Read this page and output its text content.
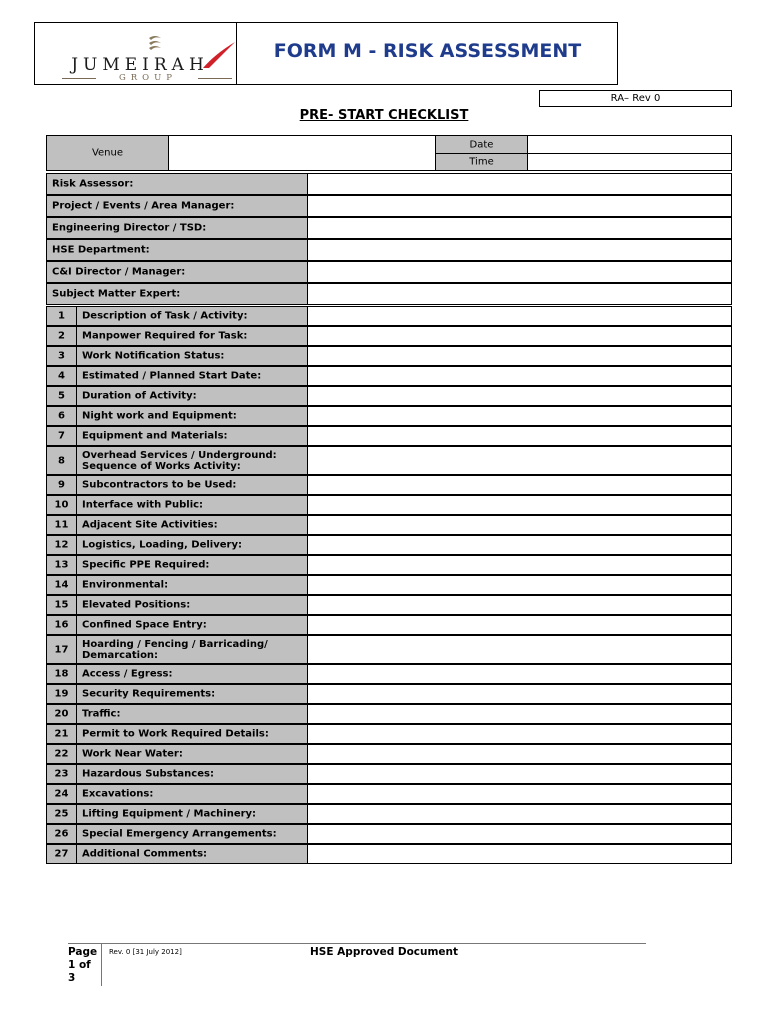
JUMEIRAH
GROUP
FORM M - RISK ASSESSMENT
RA– Rev 0
PRE- START CHECKLIST
Venue
Date
Time
Risk Assessor:
Project / Events / Area Manager:
Engineering Director / TSD:
HSE Department:
C&I Director / Manager:
Subject Matter Expert:
1	Description of Task / Activity:
2	Manpower Required for Task:
3	Work Notification Status:
4	Estimated / Planned Start Date:
5	Duration of Activity:
6	Night work and Equipment:
7	Equipment and Materials:
8	Overhead Services / Underground: Sequence of Works Activity:
9	Subcontractors to be Used:
10	Interface with Public:
11	Adjacent Site Activities:
12	Logistics, Loading, Delivery:
13	Specific PPE Required:
14	Environmental:
15	Elevated Positions:
16	Confined Space Entry:
17	Hoarding / Fencing / Barricading/ Demarcation:
18	Access / Egress:
19	Security Requirements:
20	Traffic:
21	Permit to Work Required Details:
22	Work Near Water:
23	Hazardous Substances:
24	Excavations:
25	Lifting Equipment / Machinery:
26	Special Emergency Arrangements:
27	Additional Comments:
Page 1 of 3
Rev. 0 [31 July 2012]	HSE Approved Document
